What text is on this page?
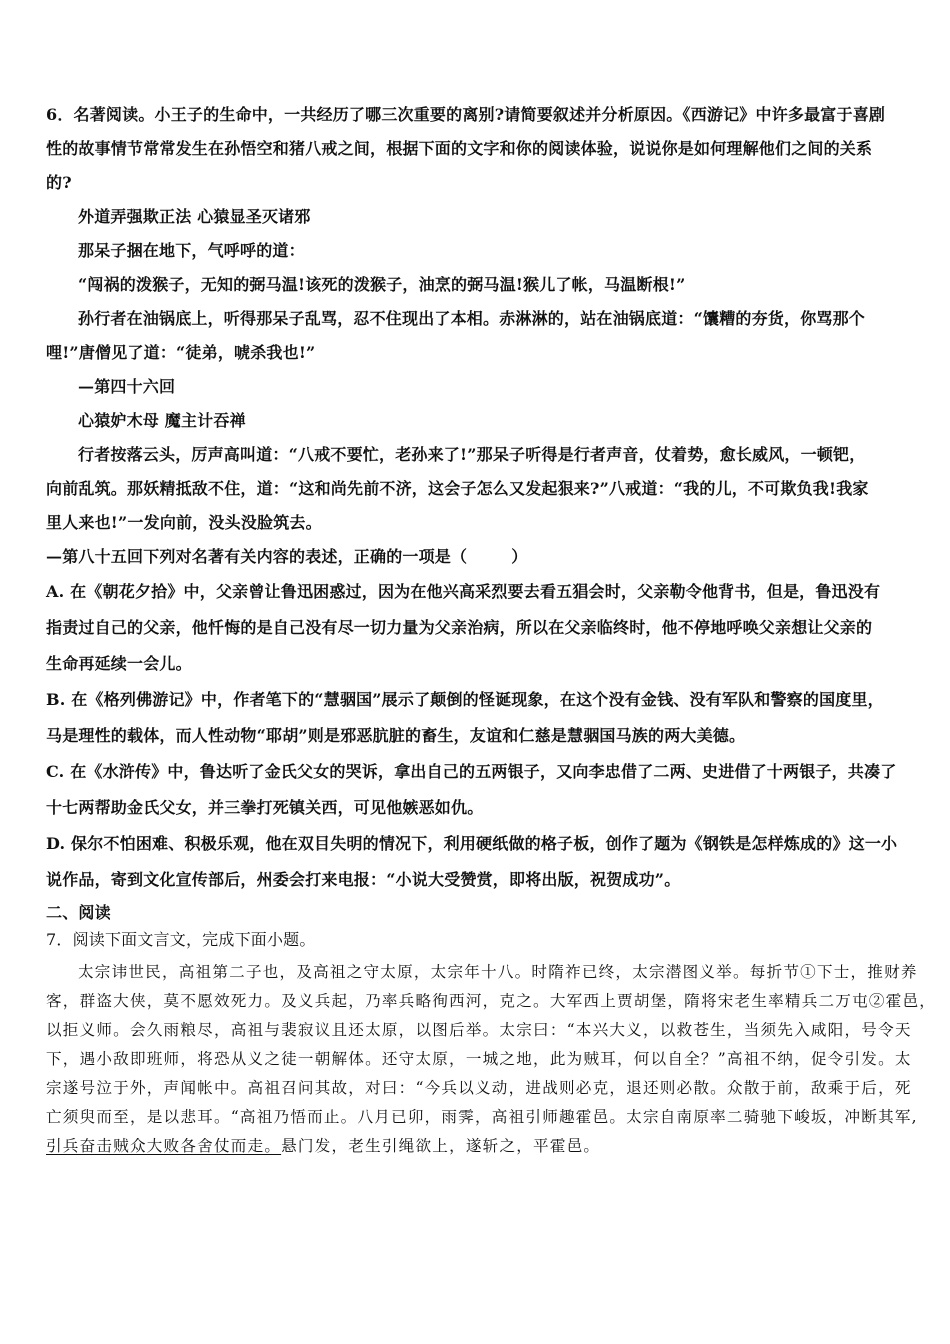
6．名著阅读。小王子的生命中，一共经历了哪三次重要的离别?请简要叙述并分析原因。《西游记》中许多最富于喜剧
性的故事情节常常发生在孙悟空和猪八戒之间，根据下面的文字和你的阅读体验，说说你是如何理解他们之间的关系
的?
外道弄强欺正法 心猿显圣灭诸邪
那呆子捆在地下，气呼呼的道：
“闯祸的泼猴子，无知的弼马温!该死的泼猴子，油烹的弼马温!猴儿了帐，马温断根!”
孙行者在油锅底上，听得那呆子乱骂，忍不住现出了本相。赤淋淋的，站在油锅底道：“馕糟的夯货，你骂那个
哩!”唐僧见了道：“徒弟，唬杀我也!”
—第四十六回
心猿妒木母 魔主计吞禅
行者按落云头，厉声高叫道：“八戒不要忙，老孙来了!”那呆子听得是行者声音，仗着势，愈长威风，一顿钯，
向前乱筑。那妖精抵敌不住，道：“这和尚先前不济，这会子怎么又发起狠来?”八戒道：“我的儿，不可欺负我!我家
里人来也!”一发向前，没头没脸筑去。
—第八十五回下列对名著有关内容的表述，正确的一项是（	）
A. 在《朝花夕拾》中，父亲曾让鲁迅困惑过，因为在他兴高采烈要去看五猖会时，父亲勒令他背书，但是，鲁迅没有
指责过自己的父亲，他忏悔的是自己没有尽一切力量为父亲治病，所以在父亲临终时，他不停地呼唤父亲想让父亲的
生命再延续一会儿。
B. 在《格列佛游记》中，作者笔下的“慧骃国”展示了颠倒的怪诞现象，在这个没有金钱、没有军队和警察的国度里，
马是理性的载体，而人性动物“耶胡”则是邪恶肮脏的畜生，友谊和仁慈是慧骃国马族的两大美德。
C. 在《水浒传》中，鲁达听了金氏父女的哭诉，拿出自己的五两银子，又向李忠借了二两、史进借了十两银子，共凑了
十七两帮助金氏父女，并三拳打死镇关西，可见他嫉恶如仇。
D. 保尔不怕困难、积极乐观，他在双目失明的情况下，利用硬纸做的格子板，创作了题为《钢铁是怎样炼成的》这一小
说作品，寄到文化宣传部后，州委会打来电报：“小说大受赞赏，即将出版，祝贺成功”。
二、阅读
7．阅读下面文言文，完成下面小题。
太宗讳世民，高祖第二子也，及高祖之守太原，太宗年十八。时隋祚已终，太宗潜图义举。每折节①下士，推财养
客，群盗大侠，莫不愿效死力。及义兵起，乃率兵略徇西河，克之。大军西上贾胡堡，隋将宋老生率精兵二万屯②霍邑，
以拒义师。会久雨粮尽，高祖与裴寂议且还太原，以图后举。太宗曰：“本兴大义，以救苍生，当须先入咸阳，号令天
下，遇小敌即班师，将恐从义之徒一朝解体。还守太原，一城之地，此为贼耳，何以自全？”高祖不纳，促令引发。太
宗遂号泣于外，声闻帐中。高祖召问其故，对曰：“今兵以义动，进战则必克，退还则必散。众散于前，敌乘于后，死
亡须臾而至，是以悲耳。“高祖乃悟而止。八月已卯，雨霁，高祖引师趣霍邑。太宗自南原率二骑驰下峻坂，冲断其军,
引兵奋击贼众大败各舍仗而走。悬门发，老生引绳欲上，遂斩之，平霍邑。
